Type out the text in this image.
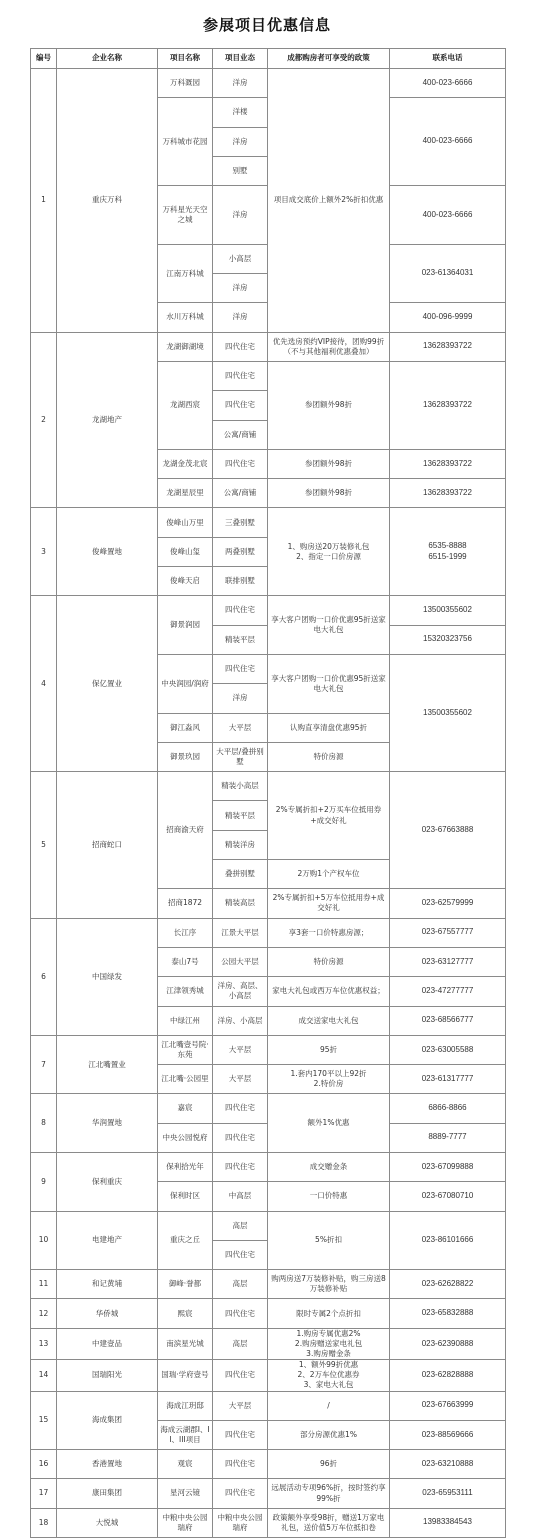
参展项目优惠信息
编号	企业名称	项目名称	项目业态	成都购房者可享受的政策	联系电话
1	重庆万科	万科溉园	洋房	项目成交底价上额外2%折扣优惠	400-023-6666
		万科城市花园	洋楼		400-023-6666
			洋房		
			别墅		
		万科星光天空之城	洋房		400-023-6666

		江南万科城	小高层		023-61364031
			洋房		
		水川万科城	洋房		400-096-9999
2	龙湖地产	龙湖御湖境	四代住宅	优先选房预约VIP接待，团购99折（不与其他福利优惠叠加）	13628393722
		龙湖西宸	四代住宅	参团额外98折	13628393722
			四代住宅		
			公寓/商铺		
		龙湖金茂北宸	四代住宅	参团额外98折	13628393722
		龙湖星辰里	公寓/商铺	参团额外98折	13628393722
3	俊峰置地	俊峰山万里	三叠别墅	1、购房送20万装修礼包
2、指定一口价房源	6535-8888
6515-1999
		俊峰山玺	两叠别墅		
		俊峰天启	联排别墅		
4	保亿置业	御景润园	四代住宅	享大客户团购一口价优惠95折送家电大礼包	13500355602
			精装平层		15320323756
		中央润园/润府	四代住宅	享大客户团购一口价优惠95折送家电大礼包	13500355602
			洋房		
		御江淼风	大平层	认购直享清盘优惠95折	
		御景玖园	大平层/叠拼别墅	特价房源	
5	招商蛇口	招商渝天府	精装小高层	2%专属折扣+2万买车位抵用券+成交好礼	023-67663888
			精装平层		
			精装洋房		
			叠拼别墅	2万购1个产权车位	
		招商1872	精装高层	2%专属折扣+5万车位抵用券+成交好礼	023-62579999
6	中国绿发	长江序	江景大平层	享3套一口价特惠房源；	023-67557777
		泰山7号	公园大平层	特价房源	023-63127777
		江津领秀城	洋房、高层、小高层	家电大礼包或西万车位优惠权益；	023-47277777
		中绿江州	洋房、小高层	成交送家电大礼包	023-68566777
7	江北嘴置业	江北嘴壹号院·东苑	大平层	95折	023-63005588
		江北嘴·公园里	大平层	1.套内170平以上92折
2.特价房	023-61317777
8	华润置地	嘉宸	四代住宅	额外1%优惠	6866-8866
		中央公园悦府	四代住宅		8889-7777
9	保利重庆	保利拾光年	四代住宅	成交赠金条	023-67099888
		保利时区	中高层	一口价特惠	023-67080710
10	电建地产	重庆之丘	高层	5%折扣	023-86101666
			四代住宅		
11	和记黄埔	御峰·誉都	高层	购两房送7万装修补贴，购三房送8万装修补贴	023-62628822
12	华侨城	熙宸	四代住宅	限时专属2个点折扣	023-65832888
13	中建壹品	南滨星光城	高层	1.购房专属优惠2%
2.购房赠送家电礼包
3.购房赠金条	023-62390888
14	国瑞阳光	国瑞·学府壹号	四代住宅	1、额外99折优惠
2、2万车位优惠券
3、家电大礼包	023-62828888
15	海成集团	海成江玥邸	大平层	/	023-67663999
		海成云湖郡I、II、III项目	四代住宅	部分房源优惠1%	023-88569666
16	香港置地	观宸	四代住宅	96折	023-63210888
17	康田集团	星河云镜	四代住宅	远展活动专项96%折，按时签约享99%折	023-65953111
18	大悦城	中粮中央公园瑞府	中粮中央公园瑞府	政策额外享受98折，赠送1万家电礼包，送价值5万车位抵扣卷	13983384543
